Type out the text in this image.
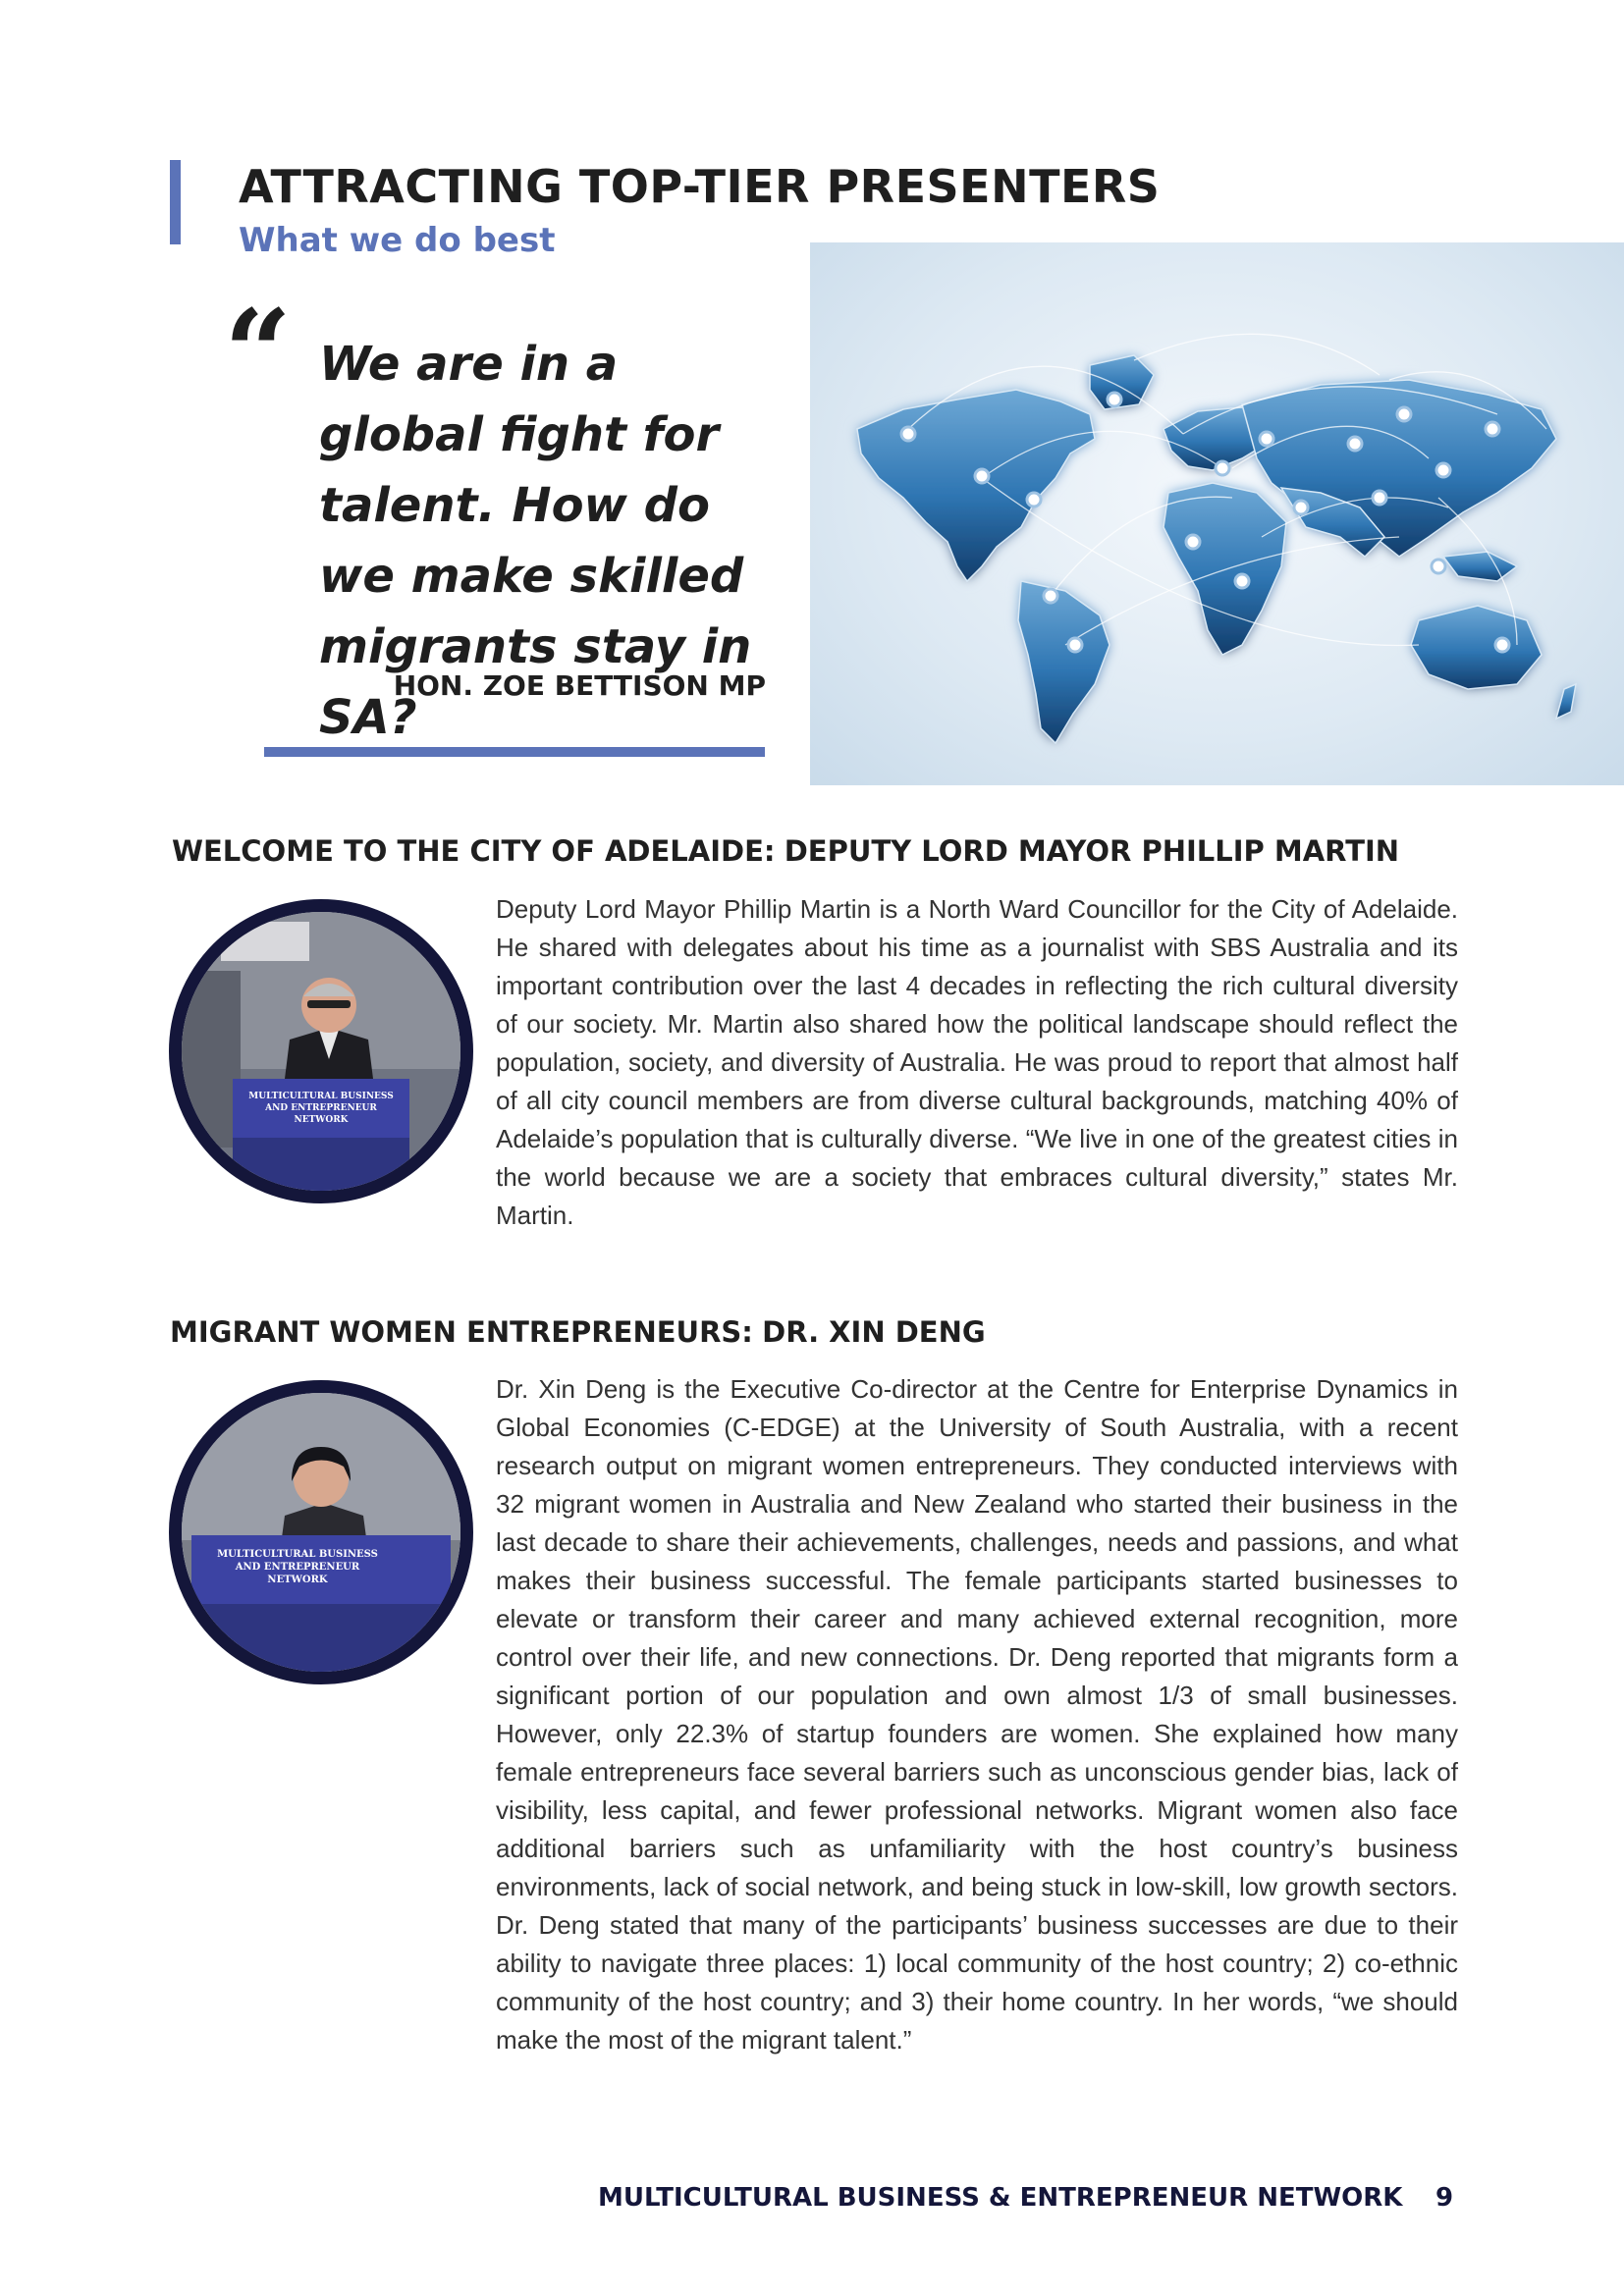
ATTRACTING TOP-TIER PRESENTERS
What we do best
“ We are in a global fight for talent. How do we make skilled migrants stay in SA?
HON. ZOE BETTISON MP
WELCOME TO THE CITY OF ADELAIDE: DEPUTY LORD MAYOR PHILLIP MARTIN
MULTICULTURAL BUSINESS AND ENTREPRENEUR NETWORK
Deputy Lord Mayor Phillip Martin is a North Ward Councillor for the City of Adelaide. He shared with delegates about his time as a journalist with SBS Australia and its important contribution over the last 4 decades in reflecting the rich cultural diversity of our society. Mr. Martin also shared how the political landscape should reflect the population, society, and diversity of Australia. He was proud to report that almost half of all city council members are from diverse cultural backgrounds, matching 40% of Adelaide’s population that is culturally diverse. “We live in one of the greatest cities in the world because we are a society that embraces cultural diversity,” states Mr. Martin.
MIGRANT WOMEN ENTREPRENEURS: DR. XIN DENG
MULTICULTURAL BUSINESS AND ENTREPRENEUR NETWORK
Dr. Xin Deng is the Executive Co-director at the Centre for Enterprise Dynamics in Global Economies (C-EDGE) at the University of South Australia, with a recent research output on migrant women entrepreneurs. They conducted interviews with 32 migrant women in Australia and New Zealand who started their business in the last decade to share their achievements, challenges, needs and passions, and what makes their business successful. The female participants started businesses to elevate or transform their career and many achieved external recognition, more control over their life, and new connections. Dr. Deng reported that migrants form a significant portion of our population and own almost 1/3 of small businesses. However, only 22.3% of startup founders are women. She explained how many female entrepreneurs face several barriers such as unconscious gender bias, lack of visibility, less capital, and fewer professional networks. Migrant women also face additional barriers such as unfamiliarity with the host country’s business environments, lack of social network, and being stuck in low-skill, low growth sectors. Dr. Deng stated that many of the participants’ business successes are due to their ability to navigate three places: 1) local community of the host country; 2) co-ethnic community of the host country; and 3) their home country. In her words, “we should make the most of the migrant talent.”
MULTICULTURAL BUSINESS & ENTREPRENEUR NETWORK 9
